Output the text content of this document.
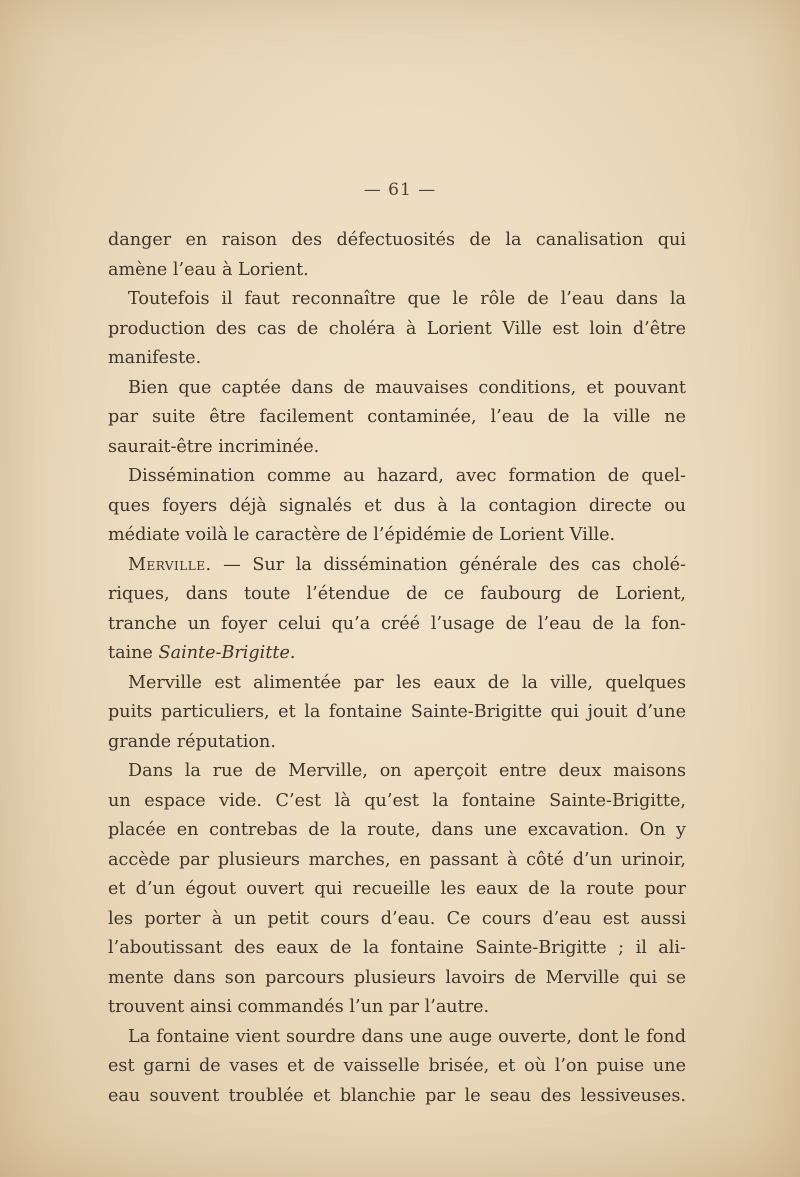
— 61 —
danger en raison des défectuosités de la canalisation qui
amène l’eau à Lorient.
Toutefois il faut reconnaître que le rôle de l’eau dans la
production des cas de choléra à Lorient Ville est loin d’être
manifeste.
Bien que captée dans de mauvaises conditions, et pouvant
par suite être facilement contaminée, l’eau de la ville ne
saurait-être incriminée.
Dissémination comme au hazard, avec formation de quel-
ques foyers déjà signalés et dus à la contagion directe ou
médiate voilà le caractère de l’épidémie de Lorient Ville.
Merville. — Sur la dissémination générale des cas cholé-
riques, dans toute l’étendue de ce faubourg de Lorient,
tranche un foyer celui qu’a créé l’usage de l’eau de la fon-
taine Sainte-Brigitte.
Merville est alimentée par les eaux de la ville, quelques
puits particuliers, et la fontaine Sainte-Brigitte qui jouit d’une
grande réputation.
Dans la rue de Merville, on aperçoit entre deux maisons
un espace vide. C’est là qu’est la fontaine Sainte-Brigitte,
placée en contrebas de la route, dans une excavation. On y
accède par plusieurs marches, en passant à côté d’un urinoir,
et d’un égout ouvert qui recueille les eaux de la route pour
les porter à un petit cours d’eau. Ce cours d’eau est aussi
l’aboutissant des eaux de la fontaine Sainte-Brigitte ; il ali-
mente dans son parcours plusieurs lavoirs de Merville qui se
trouvent ainsi commandés l’un par l’autre.
La fontaine vient sourdre dans une auge ouverte, dont le fond
est garni de vases et de vaisselle brisée, et où l’on puise une
eau souvent troublée et blanchie par le seau des lessiveuses.
